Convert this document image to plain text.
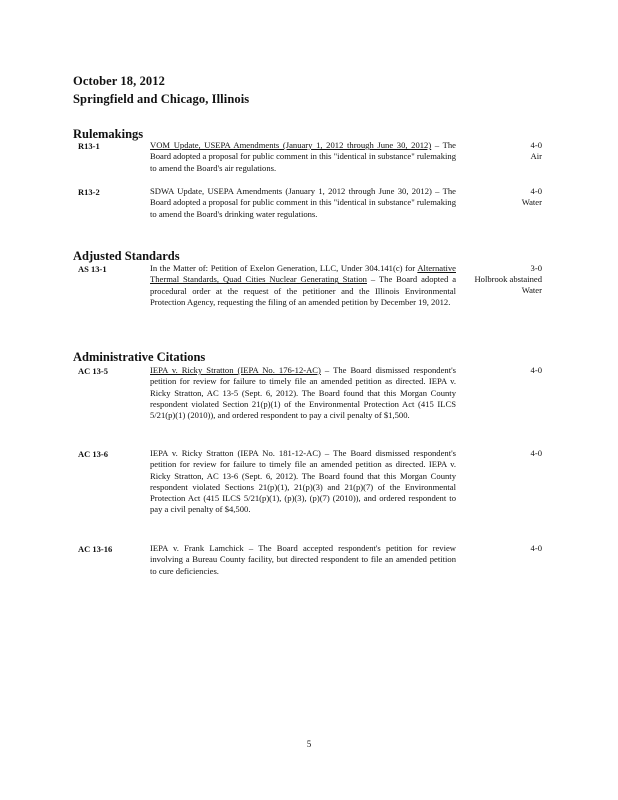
October 18, 2012
Springfield and Chicago, Illinois
Rulemakings
R13-1	VOM Update, USEPA Amendments (January 1, 2012 through June 30, 2012) – The Board adopted a proposal for public comment in this "identical in substance" rulemaking to amend the Board's air regulations.
4-0
Air
R13-2	SDWA Update, USEPA Amendments (January 1, 2012 through June 30, 2012) – The Board adopted a proposal for public comment in this "identical in substance" rulemaking to amend the Board's drinking water regulations.
4-0
Water
Adjusted Standards
AS 13-1	In the Matter of: Petition of Exelon Generation, LLC, Under 304.141(c) for Alternative Thermal Standards, Quad Cities Nuclear Generating Station – The Board adopted a procedural order at the request of the petitioner and the Illinois Environmental Protection Agency, requesting the filing of an amended petition by December 19, 2012.
3-0
Holbrook abstained
Water
Administrative Citations
AC 13-5	IEPA v. Ricky Stratton (IEPA No. 176-12-AC) – The Board dismissed respondent's petition for review for failure to timely file an amended petition as directed. IEPA v. Ricky Stratton, AC 13-5 (Sept. 6, 2012). The Board found that this Morgan County respondent violated Section 21(p)(1) of the Environmental Protection Act (415 ILCS 5/21(p)(1) (2010)), and ordered respondent to pay a civil penalty of $1,500.
4-0
AC 13-6	IEPA v. Ricky Stratton (IEPA No. 181-12-AC) – The Board dismissed respondent's petition for review for failure to timely file an amended petition as directed. IEPA v. Ricky Stratton, AC 13-6 (Sept. 6, 2012). The Board found that this Morgan County respondent violated Sections 21(p)(1), 21(p)(3) and 21(p)(7) of the Environmental Protection Act (415 ILCS 5/21(p)(1), (p)(3), (p)(7) (2010)), and ordered respondent to pay a civil penalty of $4,500.
4-0
AC 13-16	IEPA v. Frank Lamchick – The Board accepted respondent's petition for review involving a Bureau County facility, but directed respondent to file an amended petition to cure deficiencies.
4-0
5
